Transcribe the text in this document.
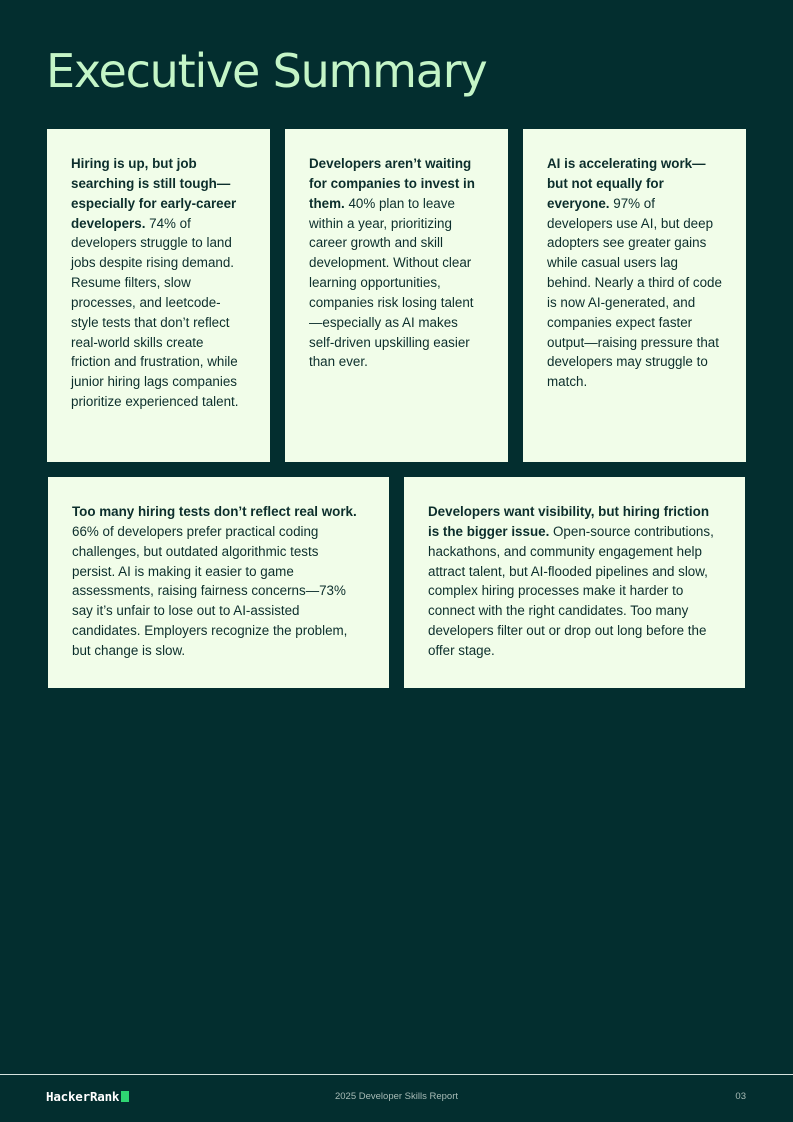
Executive Summary

Hiring is up, but job searching is still tough—especially for early-career developers. 74% of developers struggle to land jobs despite rising demand. Resume filters, slow processes, and leetcode-style tests that don’t reflect real-world skills create friction and frustration, while junior hiring lags companies prioritize experienced talent.

Developers aren’t waiting for companies to invest in them. 40% plan to leave within a year, prioritizing career growth and skill development. Without clear learning opportunities, companies risk losing talent —especially as AI makes self-driven upskilling easier than ever.

AI is accelerating work—but not equally for everyone. 97% of developers use AI, but deep adopters see greater gains while casual users lag behind. Nearly a third of code is now AI-generated, and companies expect faster output—raising pressure that developers may struggle to match.

Too many hiring tests don’t reflect real work. 66% of developers prefer practical coding challenges, but outdated algorithmic tests persist. AI is making it easier to game assessments, raising fairness concerns—73% say it’s unfair to lose out to AI-assisted candidates. Employers recognize the problem, but change is slow.

Developers want visibility, but hiring friction is the bigger issue. Open-source contributions, hackathons, and community engagement help attract talent, but AI-flooded pipelines and slow, complex hiring processes make it harder to connect with the right candidates. Too many developers filter out or drop out long before the offer stage.

HackerRank	2025 Developer Skills Report	03
